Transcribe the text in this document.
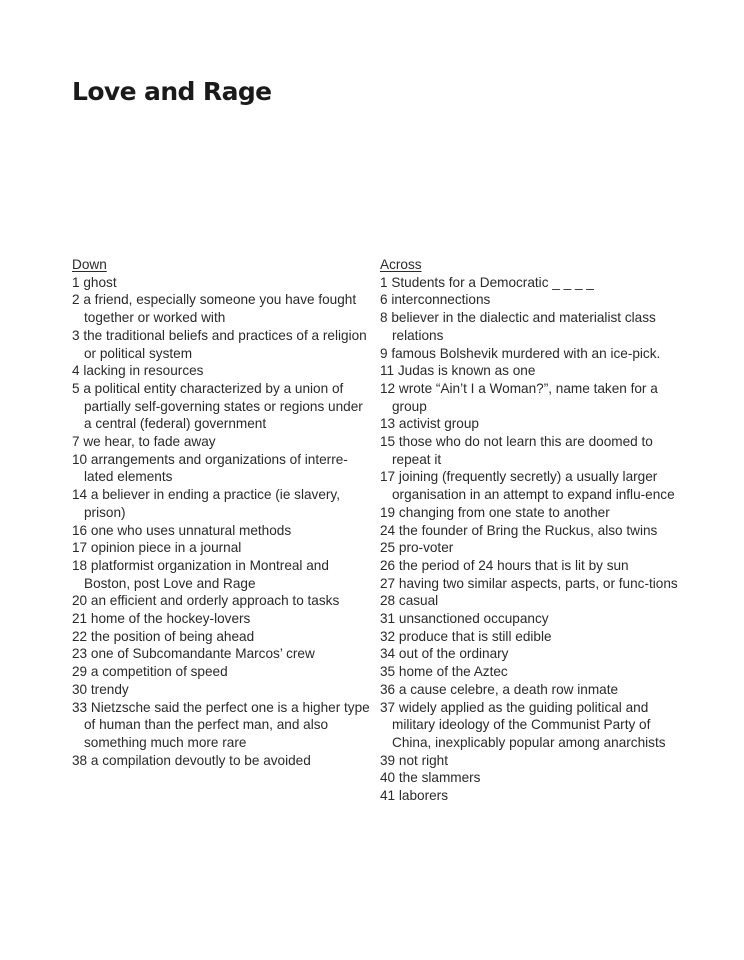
Love and Rage
Down
1 ghost
2 a friend, especially someone you have fought together or worked with
3 the traditional beliefs and practices of a religion or political system
4 lacking in resources
5 a political entity characterized by a union of partially self-governing states or regions under a central (federal) government
7 we hear, to fade away
10 arrangements and organizations of interre-lated elements
14 a believer in ending a practice (ie slavery, prison)
16 one who uses unnatural methods
17 opinion piece in a journal
18 platformist organization in Montreal and Boston, post Love and Rage
20 an efficient and orderly approach to tasks
21 home of the hockey-lovers
22 the position of being ahead
23 one of Subcomandante Marcos’ crew
29 a competition of speed
30 trendy
33 Nietzsche said the perfect one is a higher type of human than the perfect man, and also something much more rare
38 a compilation devoutly to be avoided
Across
1 Students for a Democratic _ _ _ _
6 interconnections
8 believer in the dialectic and materialist class relations
9 famous Bolshevik murdered with an ice-pick.
11 Judas is known as one
12 wrote “Ain’t I a Woman?”, name taken for a group
13 activist group
15 those who do not learn this are doomed to repeat it
17 joining (frequently secretly) a usually larger organisation in an attempt to expand influ-ence
19 changing from one state to another
24 the founder of Bring the Ruckus, also twins
25 pro-voter
26 the period of 24 hours that is lit by sun
27 having two similar aspects, parts, or func-tions
28 casual
31 unsanctioned occupancy
32 produce that is still edible
34 out of the ordinary
35 home of the Aztec
36 a cause celebre, a death row inmate
37 widely applied as the guiding political and military ideology of the Communist Party of China, inexplicably popular among anarchists
39 not right
40 the slammers
41 laborers
